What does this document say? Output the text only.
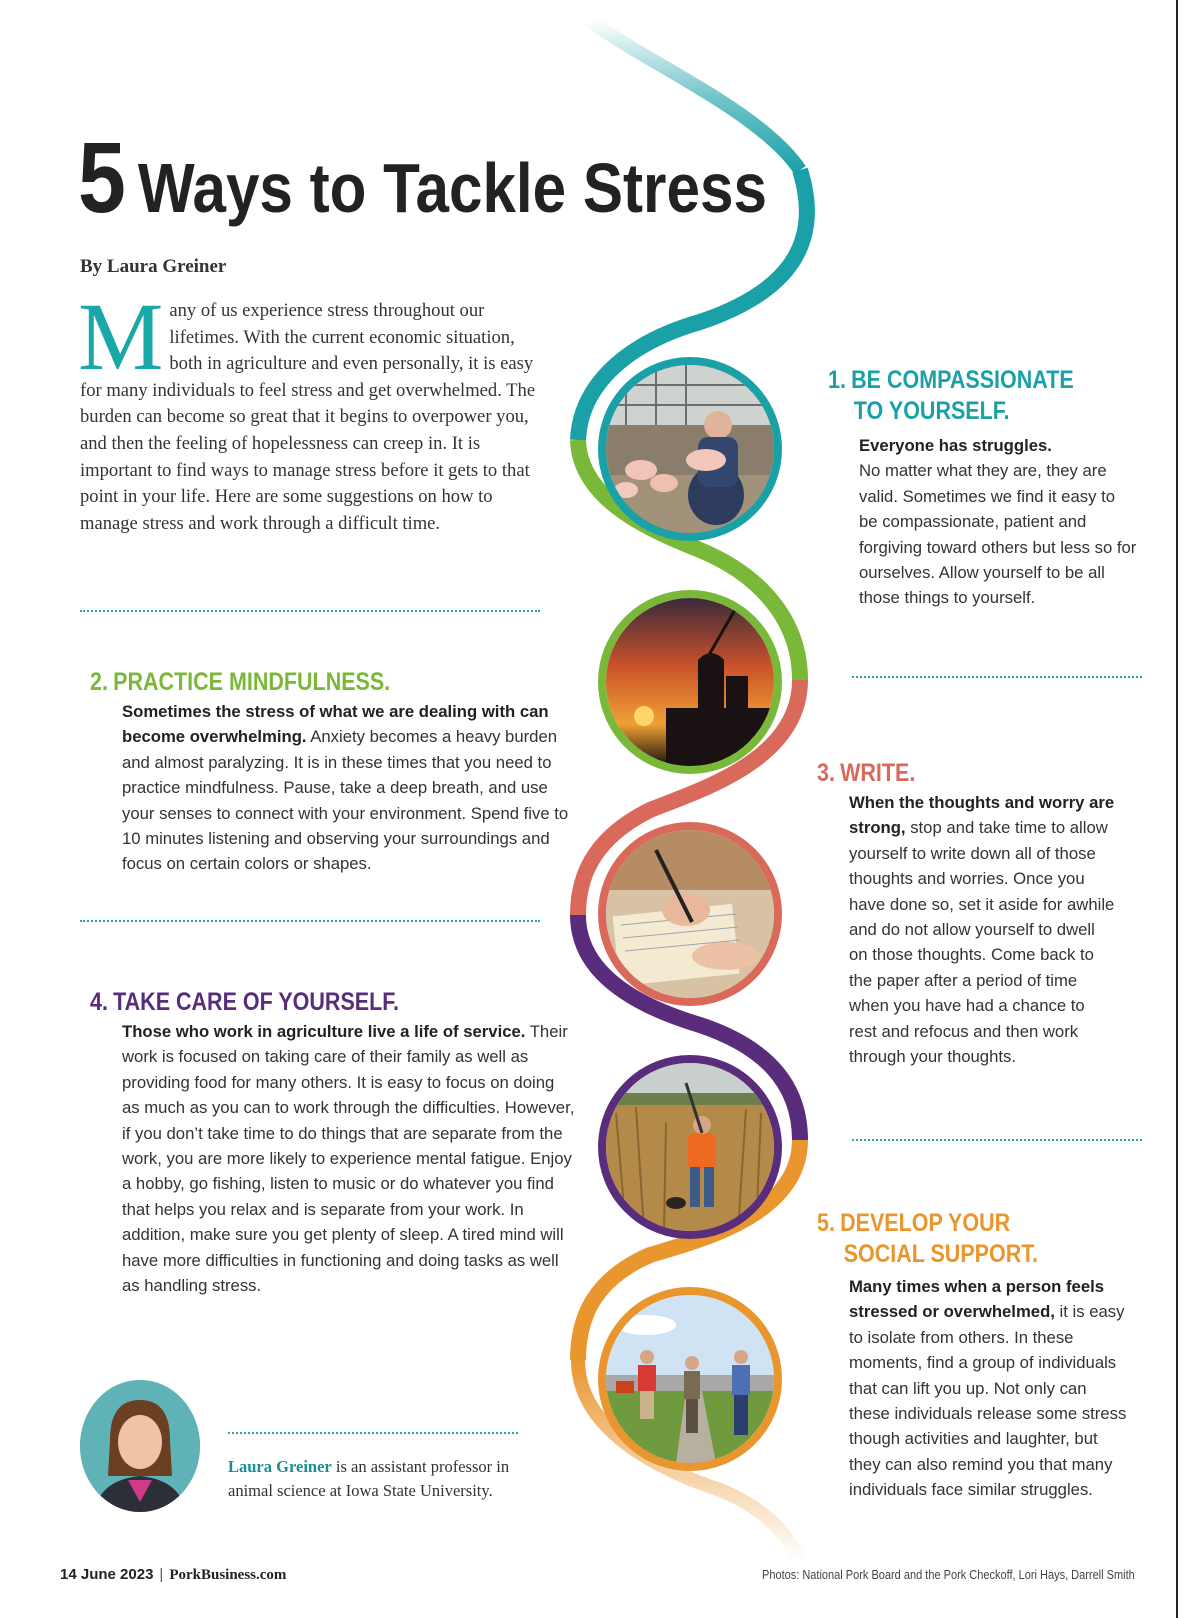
5 Ways to Tackle Stress
By Laura Greiner

Many of us experience stress throughout our lifetimes. With the current economic situation, both in agriculture and even personally, it is easy for many individuals to feel stress and get overwhelmed. The burden can become so great that it begins to overpower you, and then the feeling of hopelessness can creep in. It is important to find ways to manage stress before it gets to that point in your life. Here are some suggestions on how to manage stress and work through a difficult time.

1. BE COMPASSIONATE
TO YOURSELF.

Everyone has struggles.
No matter what they are, they are valid. Sometimes we find it easy to be compassionate, patient and forgiving toward others but less so for ourselves. Allow yourself to be all those things to yourself.

2. PRACTICE MINDFULNESS.

Sometimes the stress of what we are dealing with can become overwhelming. Anxiety becomes a heavy burden and almost paralyzing. It is in these times that you need to practice mindfulness. Pause, take a deep breath, and use your senses to connect with your environment. Spend five to 10 minutes listening and observing your surroundings and focus on certain colors or shapes.

3. WRITE.

When the thoughts and worry are strong, stop and take time to allow yourself to write down all of those thoughts and worries. Once you have done so, set it aside for awhile and do not allow yourself to dwell on those thoughts. Come back to the paper after a period of time when you have had a chance to rest and refocus and then work through your thoughts.

4. TAKE CARE OF YOURSELF.

Those who work in agriculture live a life of service. Their work is focused on taking care of their family as well as providing food for many others. It is easy to focus on doing as much as you can to work through the difficulties. However, if you don’t take time to do things that are separate from the work, you are more likely to experience mental fatigue. Enjoy a hobby, go fishing, listen to music or do whatever you find that helps you relax and is separate from your work. In addition, make sure you get plenty of sleep. A tired mind will have more difficulties in functioning and doing tasks as well as handling stress.

5. DEVELOP YOUR
SOCIAL SUPPORT.

Many times when a person feels stressed or overwhelmed, it is easy to isolate from others. In these moments, find a group of individuals that can lift you up. Not only can these individuals release some stress though activities and laughter, but they can also remind you that many individuals face similar struggles.

Laura Greiner is an assistant professor in animal science at Iowa State University.

14 June 2023 | PorkBusiness.com	Photos: National Pork Board and the Pork Checkoff, Lori Hays, Darrell Smith
